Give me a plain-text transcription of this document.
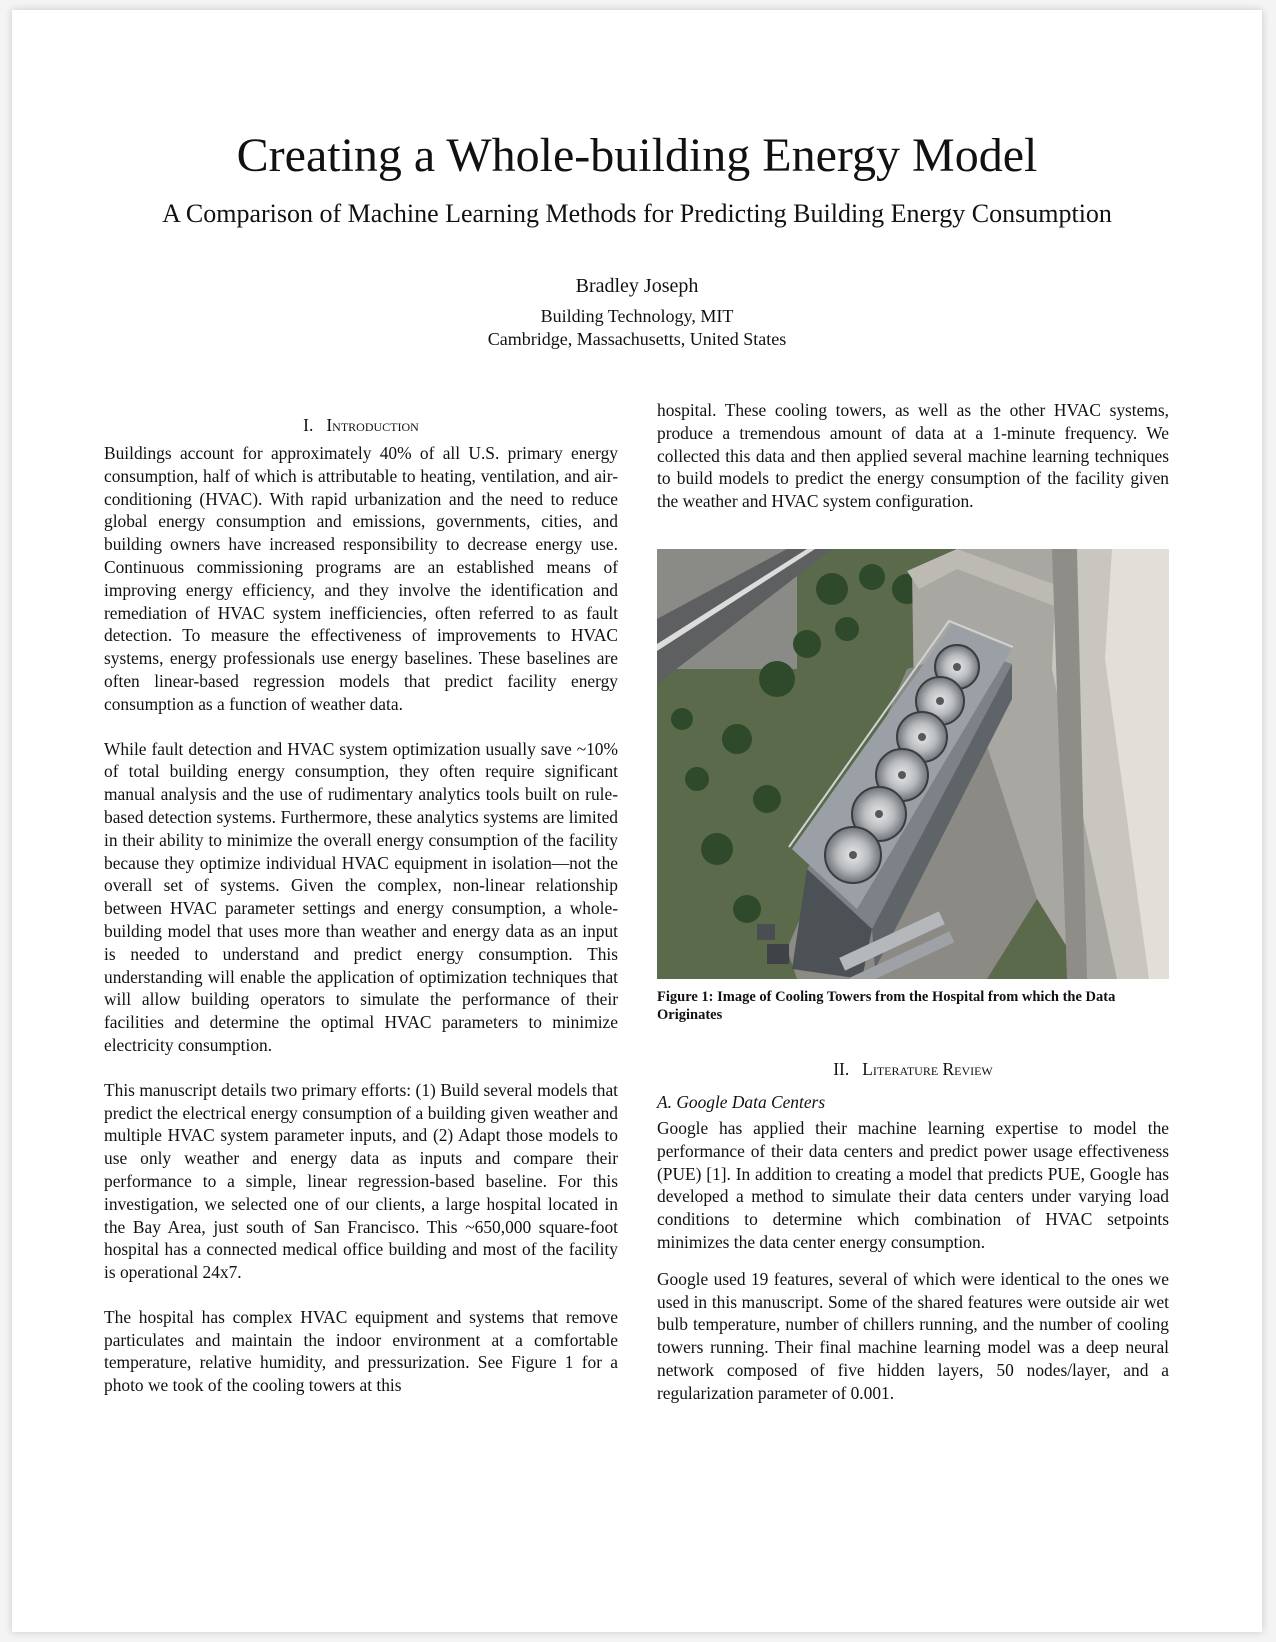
Creating a Whole-building Energy Model
A Comparison of Machine Learning Methods for Predicting Building Energy Consumption
Bradley Joseph
Building Technology, MIT
Cambridge, Massachusetts, United States
I. Introduction

Buildings account for approximately 40% of all U.S. primary energy consumption, half of which is attributable to heating, ventilation, and air-conditioning (HVAC). With rapid urbanization and the need to reduce global energy consumption and emissions, governments, cities, and building owners have increased responsibility to decrease energy use. Continuous commissioning programs are an established means of improving energy efficiency, and they involve the identification and remediation of HVAC system inefficiencies, often referred to as fault detection. To measure the effectiveness of improvements to HVAC systems, energy professionals use energy baselines. These baselines are often linear-based regression models that predict facility energy consumption as a function of weather data.

While fault detection and HVAC system optimization usually save ~10% of total building energy consumption, they often require significant manual analysis and the use of rudimentary analytics tools built on rule-based detection systems. Furthermore, these analytics systems are limited in their ability to minimize the overall energy consumption of the facility because they optimize individual HVAC equipment in isolation—not the overall set of systems. Given the complex, non-linear relationship between HVAC parameter settings and energy consumption, a whole-building model that uses more than weather and energy data as an input is needed to understand and predict energy consumption. This understanding will enable the application of optimization techniques that will allow building operators to simulate the performance of their facilities and determine the optimal HVAC parameters to minimize electricity consumption.

This manuscript details two primary efforts: (1) Build several models that predict the electrical energy consumption of a building given weather and multiple HVAC system parameter inputs, and (2) Adapt those models to use only weather and energy data as inputs and compare their performance to a simple, linear regression-based baseline. For this investigation, we selected one of our clients, a large hospital located in the Bay Area, just south of San Francisco. This ~650,000 square-foot hospital has a connected medical office building and most of the facility is operational 24x7.

The hospital has complex HVAC equipment and systems that remove particulates and maintain the indoor environment at a comfortable temperature, relative humidity, and pressurization. See Figure 1 for a photo we took of the cooling towers at this

hospital. These cooling towers, as well as the other HVAC systems, produce a tremendous amount of data at a 1-minute frequency. We collected this data and then applied several machine learning techniques to build models to predict the energy consumption of the facility given the weather and HVAC system configuration.

Figure 1: Image of Cooling Towers from the Hospital from which the Data Originates
II. Literature Review
A. Google Data Centers

Google has applied their machine learning expertise to model the performance of their data centers and predict power usage effectiveness (PUE) [1]. In addition to creating a model that predicts PUE, Google has developed a method to simulate their data centers under varying load conditions to determine which combination of HVAC setpoints minimizes the data center energy consumption.

Google used 19 features, several of which were identical to the ones we used in this manuscript. Some of the shared features were outside air wet bulb temperature, number of chillers running, and the number of cooling towers running. Their final machine learning model was a deep neural network composed of five hidden layers, 50 nodes/layer, and a regularization parameter of 0.001.
